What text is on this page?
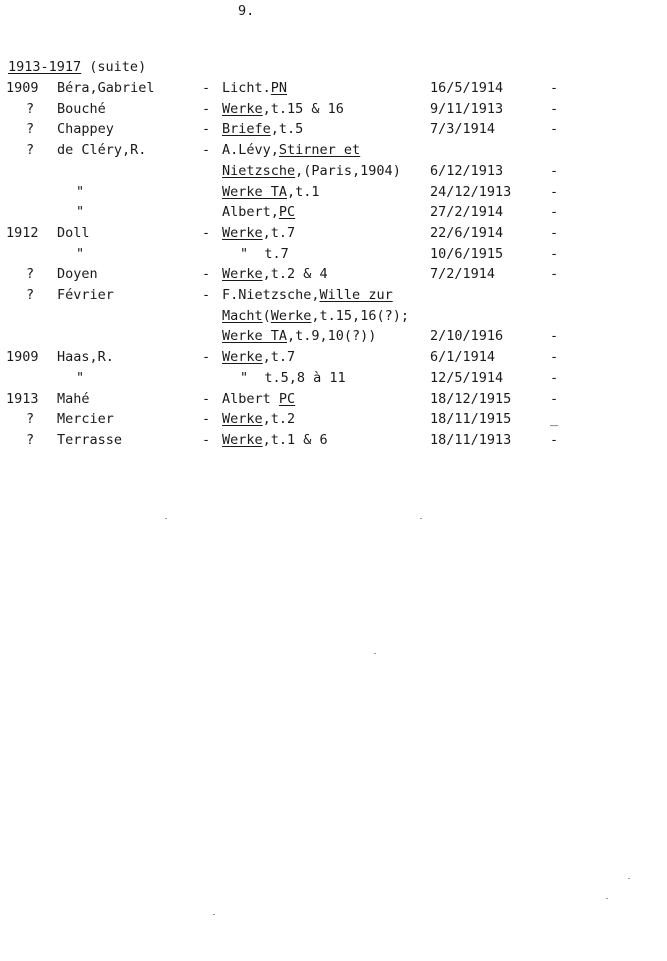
9.
1913-1917 (suite)
1909	Béra,Gabriel	- Licht.PN	16/5/1914	-
?	Bouché	- Werke,t.15 & 16	9/11/1913	-
?	Chappey	- Briefe,t.5	7/3/1914	-
?	de Cléry,R.	- A.Lévy,Stirner et
Nietzsche,(Paris,1904) 6/12/1913	-
"	Werke TA,t.1	24/12/1913	-
"	Albert,PC	27/2/1914	-
1912	Doll	- Werke,t.7	22/6/1914	-
"	"  t.7	10/6/1915	-
?	Doyen	- Werke,t.2 & 4	7/2/1914	-
?	Février	- F.Nietzsche,Wille zur
Macht(Werke,t.15,16(?);
Werke TA,t.9,10(?))	2/10/1916	-
1909	Haas,R.	- Werke,t.7	6/1/1914	-
"	"  t.5,8 à 11	12/5/1914	-
1913	Mahé	- Albert PC	18/12/1915	-
?	Mercier	- Werke,t.2	18/11/1915	_
?	Terrasse	- Werke,t.1 & 6	18/11/1913	-
